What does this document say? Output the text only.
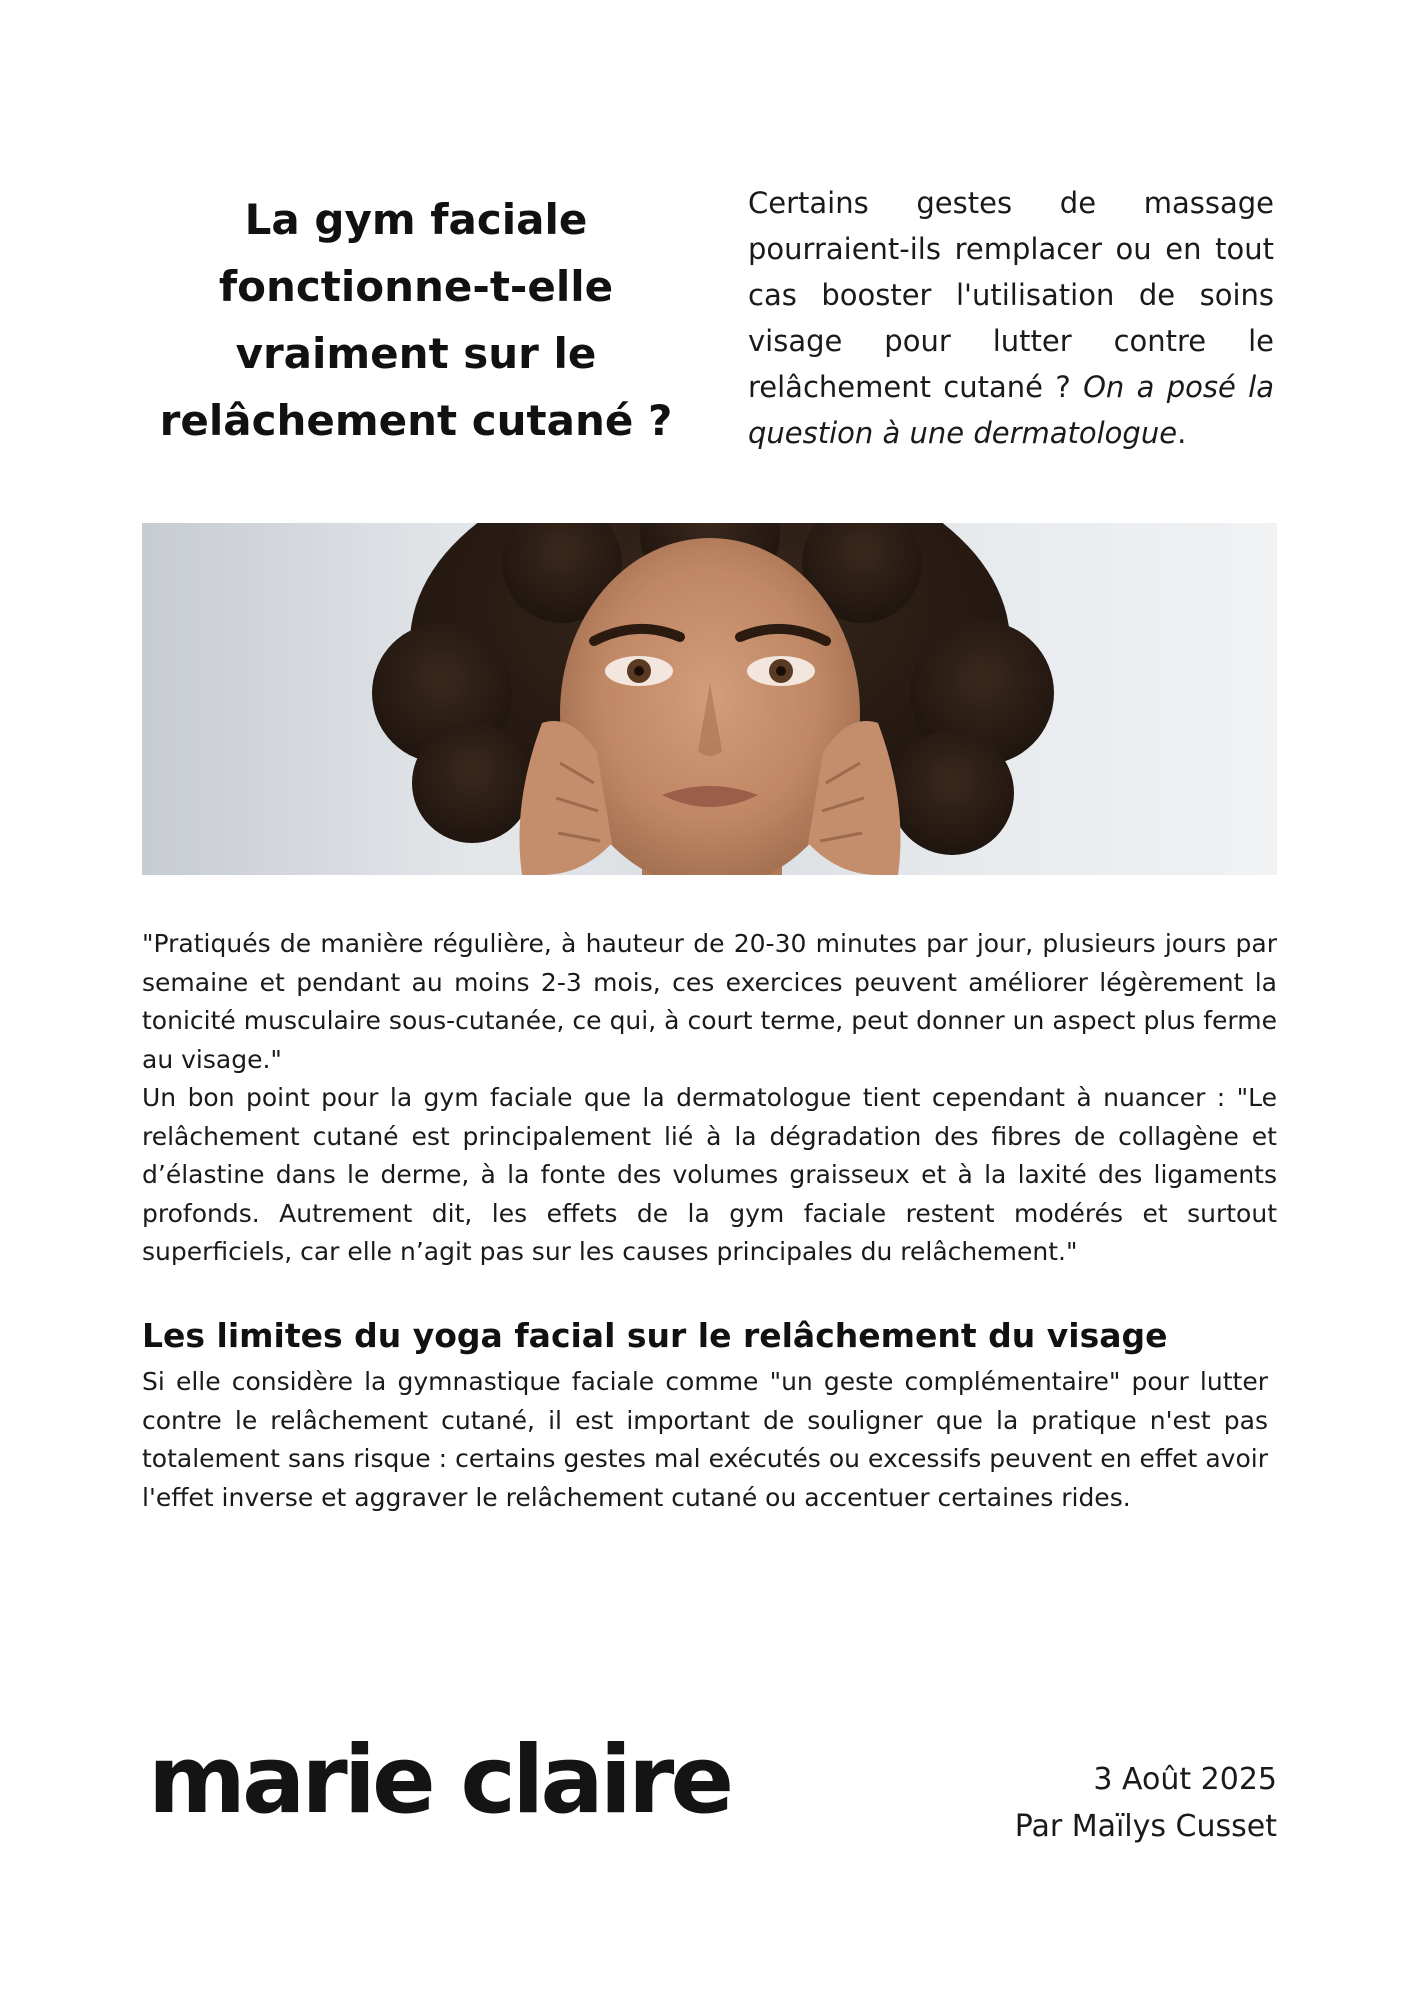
La gym faciale fonctionne-t-elle vraiment sur le relâchement cutané ?

Certains gestes de massage pourraient-ils remplacer ou en tout cas booster l'utilisation de soins visage pour lutter contre le relâchement cutané ? On a posé la question à une dermatologue.

"Pratiqués de manière régulière, à hauteur de 20-30 minutes par jour, plusieurs jours par semaine et pendant au moins 2-3 mois, ces exercices peuvent améliorer légèrement la tonicité musculaire sous-cutanée, ce qui, à court terme, peut donner un aspect plus ferme au visage."

Un bon point pour la gym faciale que la dermatologue tient cependant à nuancer : "Le relâchement cutané est principalement lié à la dégradation des fibres de collagène et d’élastine dans le derme, à la fonte des volumes graisseux et à la laxité des ligaments profonds. Autrement dit, les effets de la gym faciale restent modérés et surtout superficiels, car elle n’agit pas sur les causes principales du relâchement."

Les limites du yoga facial sur le relâchement du visage

Si elle considère la gymnastique faciale comme "un geste complémentaire" pour lutter contre le relâchement cutané, il est important de souligner que la pratique n'est pas totalement sans risque : certains gestes mal exécutés ou excessifs peuvent en effet avoir l'effet inverse et aggraver le relâchement cutané ou accentuer certaines rides.

marie claire	3 Août 2025
Par Maïlys Cusset
